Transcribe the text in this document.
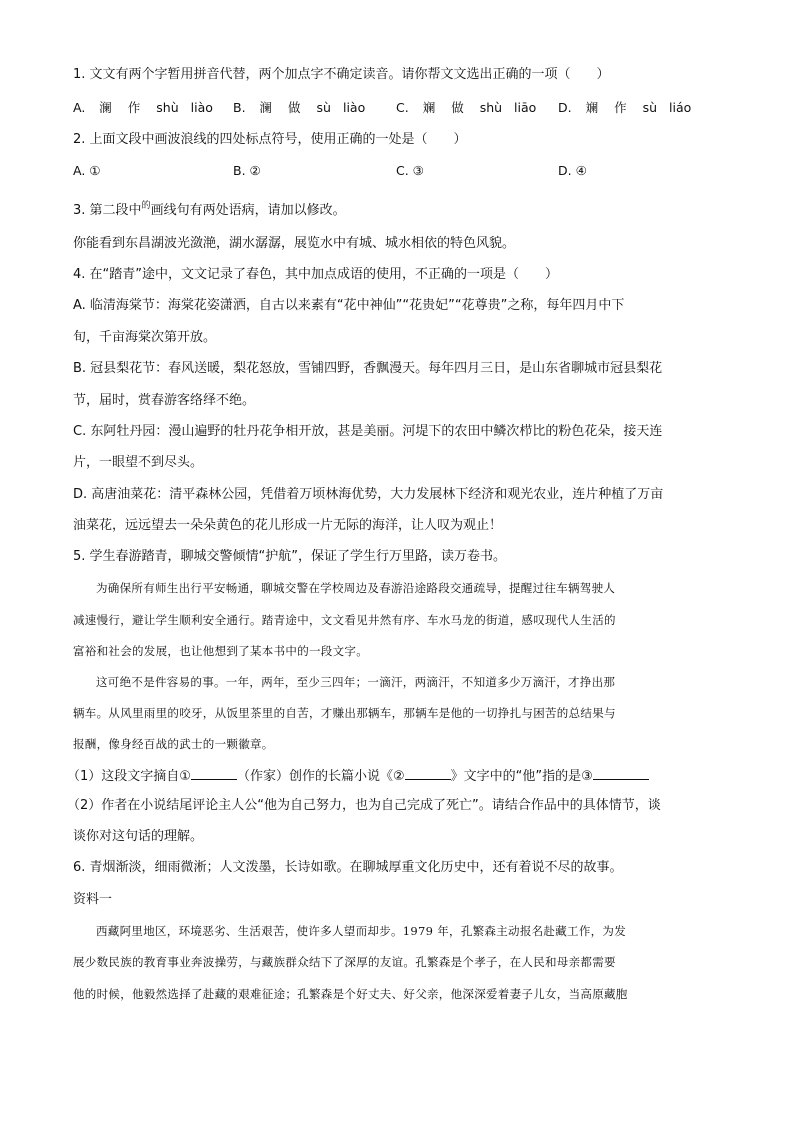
1. 文文有两个字暂用拼音代替，两个加点字不确定读音。请你帮文文选出正确的一项（　　）
A. 澜 作 shù liào B. 澜 做 sù liào C. 斓 做 shù liāo D. 斓 作 sù liáo
2. 上面文段中画波浪线的四处标点符号，使用正确的一处是（　　）
A. ①	B. ②	C. ③	D. ④
3. 第二段中$^的$画线句有两处语病，请加以修改。
你能看到东昌湖波光潋滟，湖水潺潺，展览水中有城、城水相依的特色风貌。
4. 在“踏青”途中，文文记录了春色，其中加点成语的使用，不正确的一项是（　　）
A. 临清海棠节：海棠花姿潇洒，自古以来素有“花中神仙”“花贵妃”“花尊贵”之称，每年四月中下
旬，千亩海棠次第开放。
B. 冠县梨花节：春风送暖，梨花怒放，雪铺四野，香飘漫天。每年四月三日，是山东省聊城市冠县梨花
节，届时，赏春游客络绎不绝。
C. 东阿牡丹园：漫山遍野的牡丹花争相开放，甚是美丽。河堤下的农田中鳞次栉比的粉色花朵，接天连
片，一眼望不到尽头。
D. 高唐油菜花：清平森林公园，凭借着万顷林海优势，大力发展林下经济和观光农业，连片种植了万亩
油菜花，远远望去一朵朵黄色的花儿形成一片无际的海洋，让人叹为观止！
5. 学生春游踏青，聊城交警倾情“护航”，保证了学生行万里路，读万卷书。
为确保所有师生出行平安畅通，聊城交警在学校周边及春游沿途路段交通疏导，提醒过往车辆驾驶人
减速慢行，避让学生顺利安全通行。踏青途中，文文看见井然有序、车水马龙的街道，感叹现代人生活的
富裕和社会的发展，也让他想到了某本书中的一段文字。
这可绝不是件容易的事。一年，两年，至少三四年；一滴汗，两滴汗，不知道多少万滴汗，才挣出那
辆车。从风里雨里的咬牙，从饭里茶里的自苦，才赚出那辆车，那辆车是他的一切挣扎与困苦的总结果与
报酬，像身经百战的武士的一颗徽章。
（1）这段文字摘自①	（作家）创作的长篇小说《②	》文字中的“他”指的是③
（2）作者在小说结尾评论主人公“他为自己努力，也为自己完成了死亡”。请结合作品中的具体情节，谈
谈你对这句话的理解。
6. 青烟渐淡，细雨微淅；人文泼墨，长诗如歌。在聊城厚重文化历史中，还有着说不尽的故事。
资料一
西藏阿里地区，环境恶劣、生活艰苦，使许多人望而却步。1979 年，孔繁森主动报名赴藏工作，为发
展少数民族的教育事业奔波操劳，与藏族群众结下了深厚的友谊。孔繁森是个孝子，在人民和母亲都需要
他的时候，他毅然选择了赴藏的艰难征途；孔繁森是个好丈夫、好父亲，他深深爱着妻子儿女，当高原藏胞
